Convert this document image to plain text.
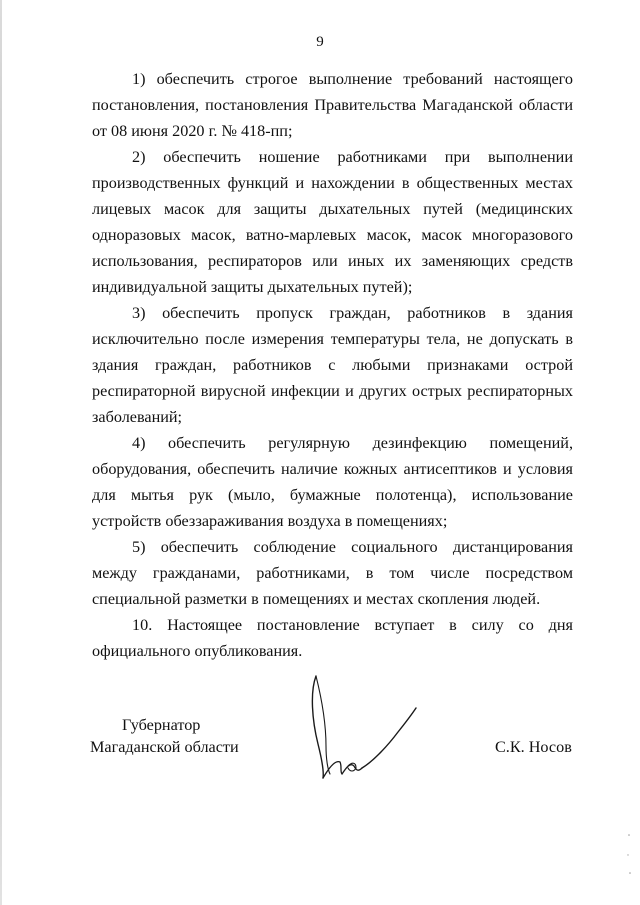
9

1) обеспечить строгое выполнение требований настоящего постановления, постановления Правительства Магаданской области от 08 июня 2020 г. № 418-пп;

2) обеспечить ношение работниками при выполнении производственных функций и нахождении в общественных местах лицевых масок для защиты дыхательных путей (медицинских одноразовых масок, ватно-марлевых масок, масок многоразового использования, респираторов или иных их заменяющих средств индивидуальной защиты дыхательных путей);

3) обеспечить пропуск граждан, работников в здания исключительно после измерения температуры тела, не допускать в здания граждан, работников с любыми признаками острой респираторной вирусной инфекции и других острых респираторных заболеваний;

4) обеспечить регулярную дезинфекцию помещений, оборудования, обеспечить наличие кожных антисептиков и условия для мытья рук (мыло, бумажные полотенца), использование устройств обеззараживания воздуха в помещениях;

5) обеспечить соблюдение социального дистанцирования между гражданами, работниками, в том числе посредством специальной разметки в помещениях и местах скопления людей.

10. Настоящее постановление вступает в силу со дня официального опубликования.

Губернатор
Магаданской области	С.К. Носов
